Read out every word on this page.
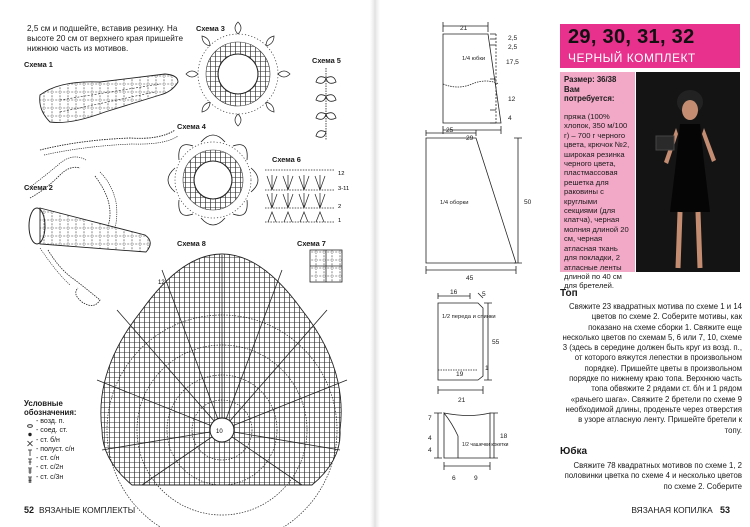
2,5 см и подшейте, вставив резинку. На высоте 20 см от верхнего края пришейте нижнюю часть из мотивов.
Схема 1
Схема 2
Схема 3
Схема 4
Схема 5
Схема 6
Схема 7
Схема 8
12
3-11
2
1
10
12
Условные обозначения:
- возд. п.
- соед. ст.
- ст. б/н
- полуст. с/н
- ст. с/н
- ст. с/2н
- ст. с/3н
52 ВЯЗАНЫЕ КОМПЛЕКТЫ
21
2,5
2,5
17,5
12
4
29
1/4 юбки
25
50
45
1/4 оборки
16	5
55
19
1
21
1/2 переда и спинки
7
4
4
18
6	9
1/2 чашечки кокетки
29, 30, 31, 32
ЧЕРНЫЙ КОМПЛЕКТ
Размер: 36/38
Вам потребуется:
пряжа (100% хлопок, 350 м/100 г) – 700 г черного цвета, крючок №2, широкая резинка черного цвета, пластмассовая решетка для раковины с круглыми секциями (для клатча), черная молния длиной 20 см, черная атласная ткань для покладки, 2 атласные ленты длиной по 40 см для бретелей.
Топ
Свяжите 23 квадратных мотива по схеме 1 и 14 цветов по схеме 2. Соберите мотивы, как показано на схеме сборки 1. Свяжите еще несколько цветов по схемам 5, 6 или 7, 10, схеме 3 (здесь в середине должен быть круг из возд. п., от которого вяжутся лепестки в произвольном порядке). Пришейте цветы в произвольном порядке по нижнему краю топа. Верхнюю часть топа обвяжите 2 рядами ст. б/н и 1 рядом «рачьего шага». Свяжите 2 бретели по схеме 9 необходимой длины, проденьте через отверстия в узоре атласную ленту. Пришейте бретели к топу.
Юбка
Свяжите 78 квадратных мотивов по схеме 1, 2 половинки цветка по схеме 4 и несколько цветов по схеме 2. Соберите
ВЯЗАНАЯ КОПИЛКА 53
